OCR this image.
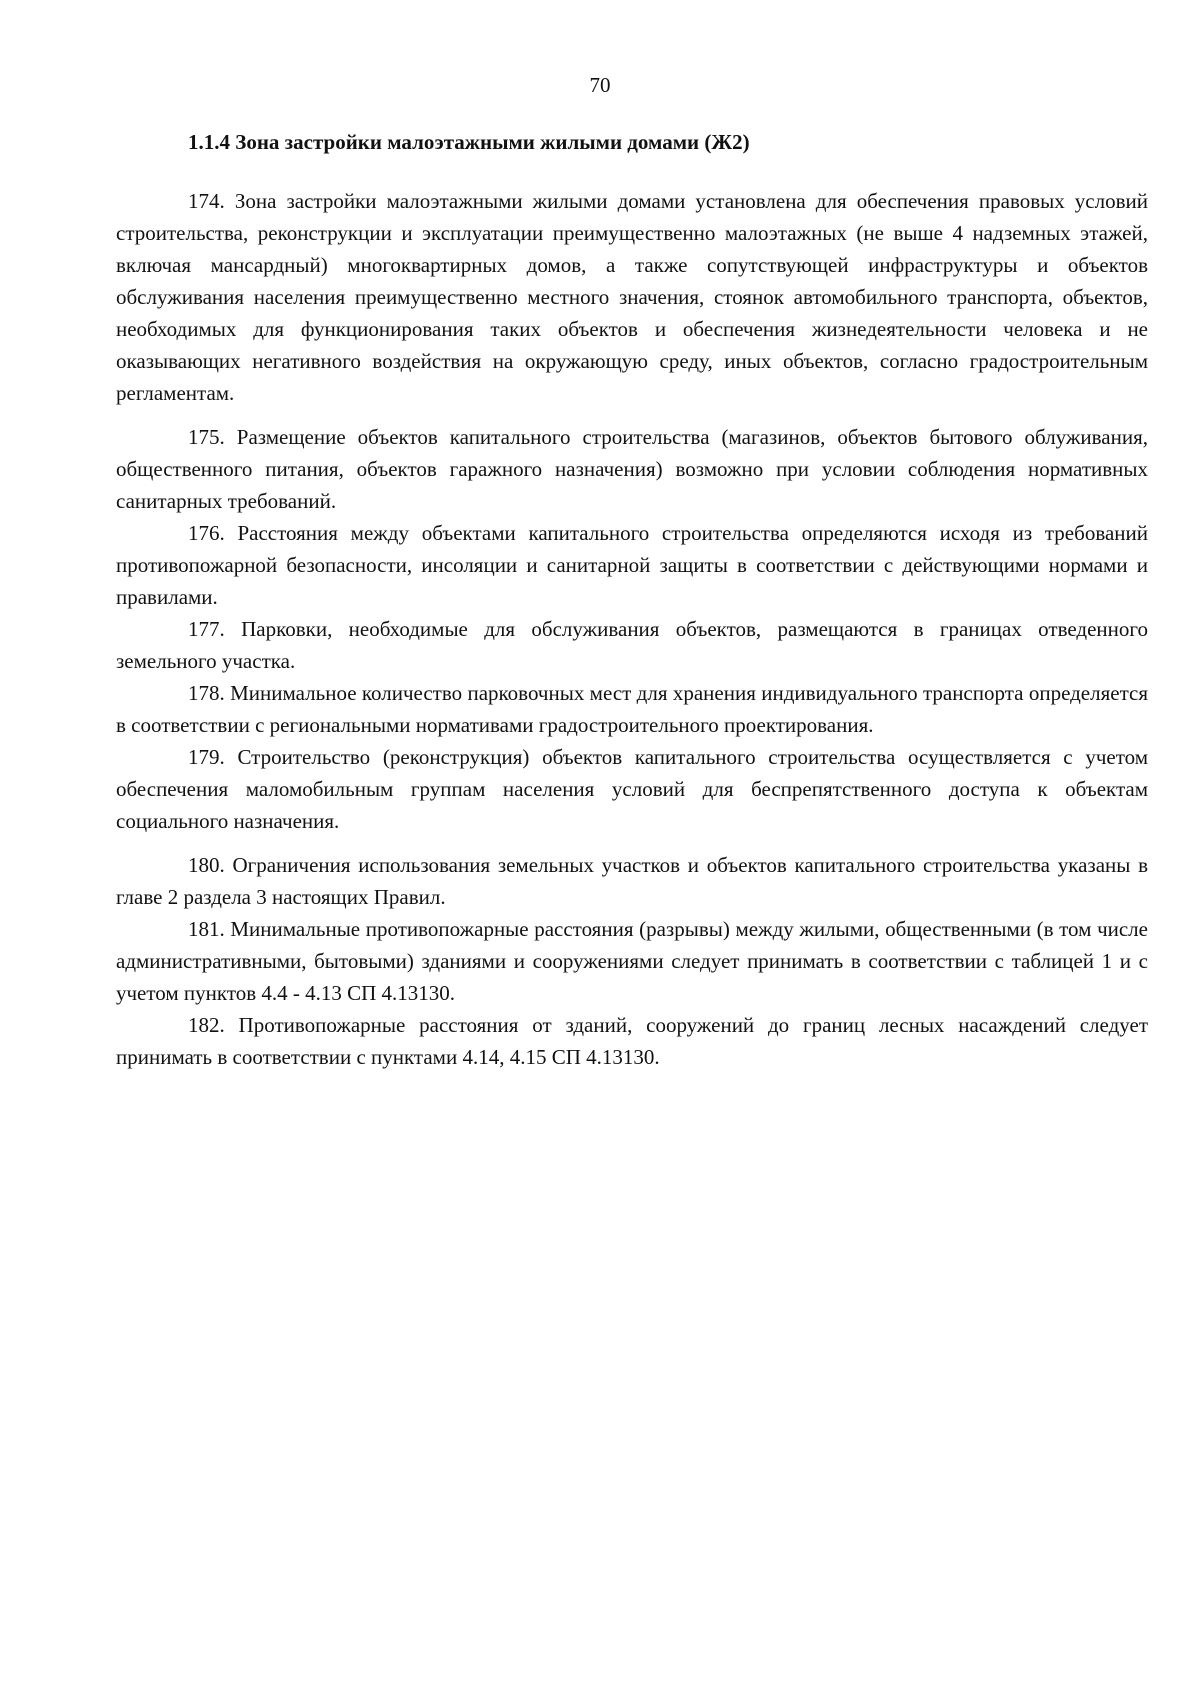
70
1.1.4 Зона застройки малоэтажными жилыми домами (Ж2)

174. Зона застройки малоэтажными жилыми домами установлена для обеспечения правовых условий строительства, реконструкции и эксплуатации преимущественно малоэтажных (не выше 4 надземных этажей, включая мансардный) многоквартирных домов, а также сопутствующей инфраструктуры и объектов обслуживания населения преимущественно местного значения, стоянок автомобильного транспорта, объектов, необходимых для функционирования таких объектов и обеспечения жизнедеятельности человека и не оказывающих негативного воздействия на окружающую среду, иных объектов, согласно градостроительным регламентам.

175. Размещение объектов капитального строительства (магазинов, объектов бытового облуживания, общественного питания, объектов гаражного назначения) возможно при условии соблюдения нормативных санитарных требований.

176. Расстояния между объектами капитального строительства определяются исходя из требований противопожарной безопасности, инсоляции и санитарной защиты в соответствии с действующими нормами и правилами.

177. Парковки, необходимые для обслуживания объектов, размещаются в границах отведенного земельного участка.

178. Минимальное количество парковочных мест для хранения индивидуального транспорта определяется в соответствии с региональными нормативами градостроительного проектирования.

179. Строительство (реконструкция) объектов капитального строительства осуществляется с учетом обеспечения маломобильным группам населения условий для беспрепятственного доступа к объектам социального назначения.

180. Ограничения использования земельных участков и объектов капитального строительства указаны в главе 2 раздела 3 настоящих Правил.

181. Минимальные противопожарные расстояния (разрывы) между жилыми, общественными (в том числе административными, бытовыми) зданиями и сооружениями следует принимать в соответствии с таблицей 1 и с учетом пунктов 4.4 - 4.13 СП 4.13130.

182. Противопожарные расстояния от зданий, сооружений до границ лесных насаждений следует принимать в соответствии с пунктами 4.14, 4.15 СП 4.13130.
